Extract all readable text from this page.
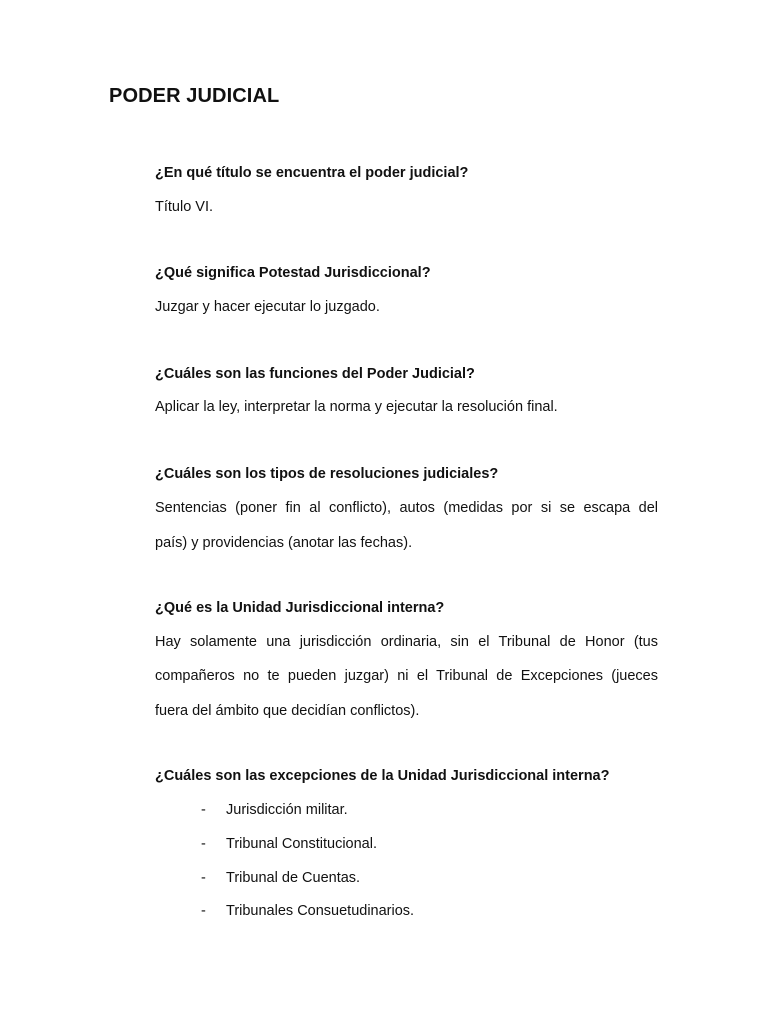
PODER JUDICIAL
¿En qué título se encuentra el poder judicial?
Título VI.
¿Qué significa Potestad Jurisdiccional?
Juzgar y hacer ejecutar lo juzgado.
¿Cuáles son las funciones del Poder Judicial?
Aplicar la ley, interpretar la norma y ejecutar la resolución final.
¿Cuáles son los tipos de resoluciones judiciales?
Sentencias (poner fin al conflicto), autos (medidas por si se escapa del
país) y providencias (anotar las fechas).
¿Qué es la Unidad Jurisdiccional interna?
Hay solamente una jurisdicción ordinaria, sin el Tribunal de Honor (tus
compañeros no te pueden juzgar) ni el Tribunal de Excepciones (jueces
fuera del ámbito que decidían conflictos).
¿Cuáles son las excepciones de la Unidad Jurisdiccional interna?
- Jurisdicción militar.
- Tribunal Constitucional.
- Tribunal de Cuentas.
- Tribunales Consuetudinarios.
